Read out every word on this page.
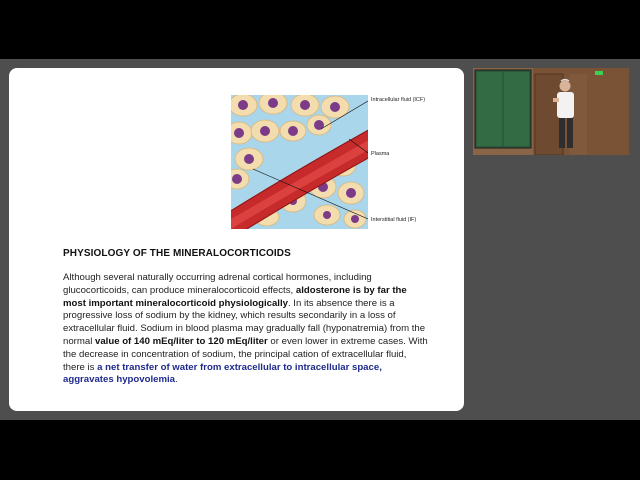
Intracellular fluid (ICF)
Plasma
Interstitial fluid (IF)
PHYSIOLOGY OF THE MINERALOCORTICOIDS

Although several naturally occurring adrenal cortical hormones, including glucocorticoids, can produce mineralocorticoid effects, aldosterone is by far the most important mineralocorticoid physiologically. In its absence there is a progressive loss of sodium by the kidney, which results secondarily in a loss of extracellular fluid. Sodium in blood plasma may gradually fall (hyponatremia) from the normal value of 140 mEq/liter to 120 mEq/liter or even lower in extreme cases. With the decrease in concentration of sodium, the principal cation of extracellular fluid, there is a net transfer of water from extracellular to intracellular space, aggravates hypovolemia.
